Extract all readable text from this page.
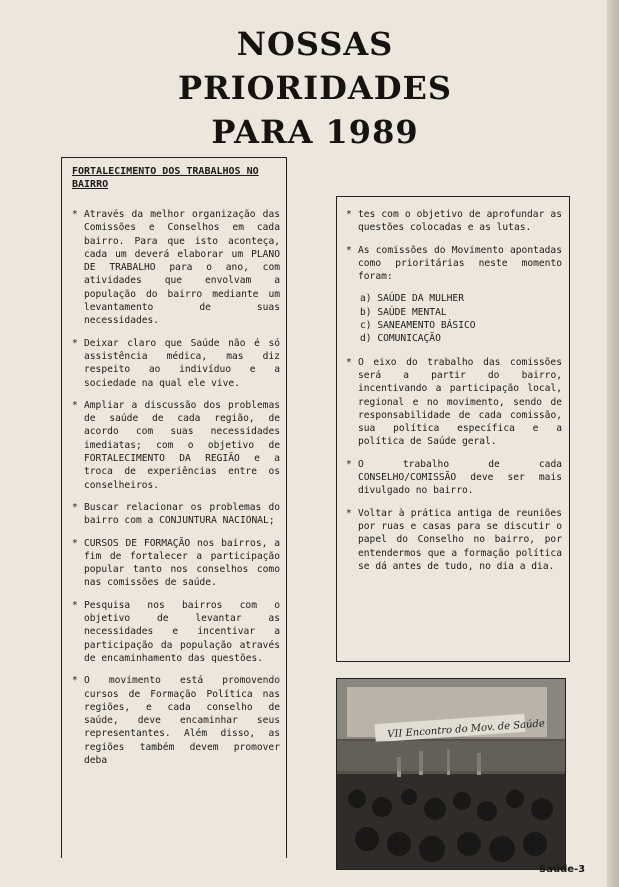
NOSSAS
PRIORIDADES
PARA 1989
FORTALECIMENTO DOS TRABALHOS NO BAIRRO
* Através da melhor organização das Comissões e Conselhos em cada bairro. Para que isto aconteça, cada um deverá elaborar um PLANO DE TRABALHO para o ano, com atividades que envolvam a população do bairro mediante um levantamento de suas necessidades.
* Deixar claro que Saúde não é só assistência médica, mas diz respeito ao indivíduo e a sociedade na qual ele vive.
* Ampliar a discussão dos problemas de saúde de cada região, de acordo com suas necessidades imediatas; com o objetivo de FORTALECIMENTO DA REGIÃO e a troca de experiências entre os conselheiros.
* Buscar relacionar os problemas do bairro com a CONJUNTURA NACIONAL;
* CURSOS DE FORMAÇÃO nos bairros, a fim de fortalecer a participação popular tanto nos conselhos como nas comissões de saúde.
* Pesquisa nos bairros com o objetivo de levantar as necessidades e incentivar a participação da população através de encaminhamento das questões.
* O movimento está promovendo cursos de Formação Política nas regiões, e cada conselho de saúde, deve encaminhar seus representantes. Além disso, as regiões também devem promover deba
* tes com o objetivo de aprofundar as questões colocadas e as lutas.
* As comissões do Movimento apontadas como prioritárias neste momento foram:
a) SAÚDE DA MULHER
b) SAÚDE MENTAL
c) SANEAMENTO BÁSICO
d) COMUNICAÇÃO
* O eixo do trabalho das comissões será a partir do bairro, incentivando a participação local, regional e no movimento, sendo de responsabilidade de cada comissão, sua política específica e a política de Saúde geral.
* O trabalho de cada CONSELHO/COMISSÃO deve ser mais divulgado no bairro.
* Voltar à prática antiga de reuniões por ruas e casas para se discutir o papel do Conselho no bairro, por entendermos que a formação política se dá antes de tudo, no dia a dia.
VII Encontro do Mov. de Saúde
Saúde-3
